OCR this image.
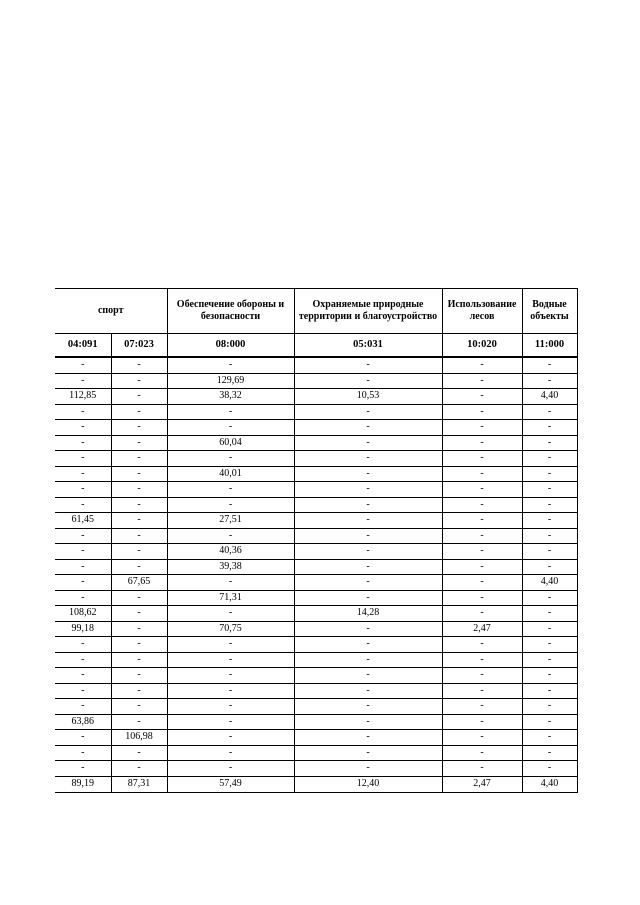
спорт		Обеспечение обороны и безопасности	Охраняемые природные территории и благоустройство	Использование лесов	Водные объекты
04:091	07:023	08:000	05:031	10:020	11:000
-	-	-	-	-	-
-	-	129,69	-	-	-
112,85	-	38,32	10,53	-	4,40
-	-	-	-	-	-
-	-	-	-	-	-
-	-	60,04	-	-	-
-	-	-	-	-	-
-	-	40,01	-	-	-
-	-	-	-	-	-
-	-	-	-	-	-
61,45	-	27,51	-	-	-
-	-	-	-	-	-
-	-	40,36	-	-	-
-	-	39,38	-	-	-
-	67,65	-	-	-	4,40
-	-	71,31	-	-	-
108,62	-	-	14,28	-	-
99,18	-	70,75	-	2,47	-
-	-	-	-	-	-
-	-	-	-	-	-
-	-	-	-	-	-
-	-	-	-	-	-
-	-	-	-	-	-
63,86	-	-	-	-	-
-	106,98	-	-	-	-
-	-	-	-	-	-
-	-	-	-	-	-
89,19	87,31	57,49	12,40	2,47	4,40
